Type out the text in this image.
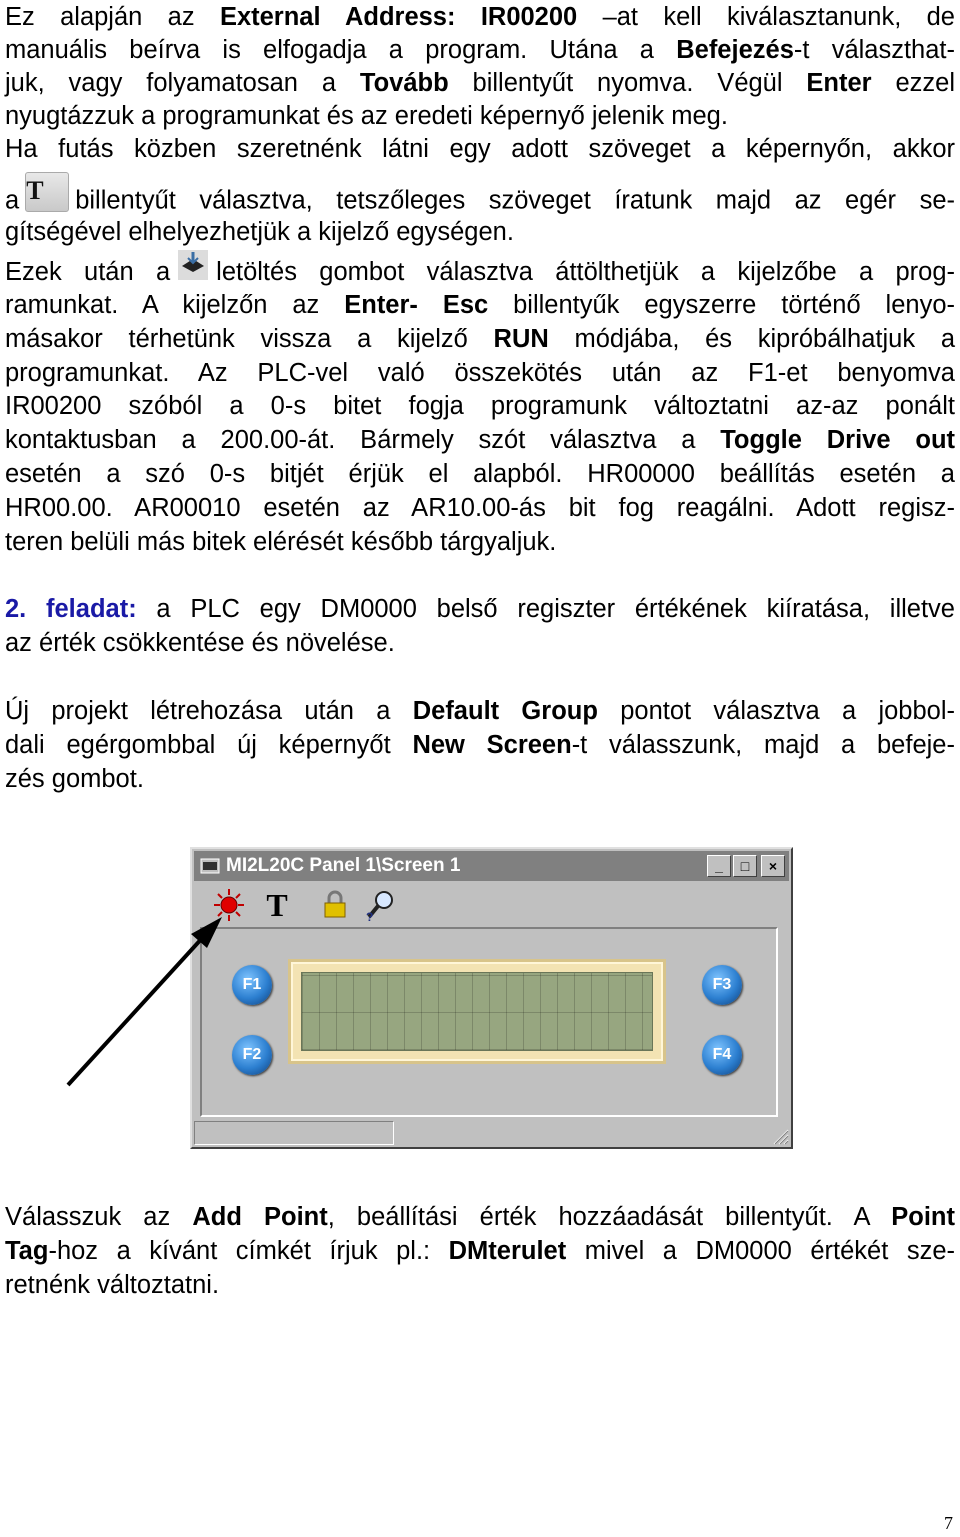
Ez alapján az External Address: IR00200 –at kell kiválasztanunk, de
manuális beírva is elfogadja a program. Utána a Befejezés-t választhat-
juk, vagy folyamatosan a Tovább billentyűt nyomva. Végül Enter ezzel
nyugtázzuk a programunkat és az eredeti képernyő jelenik meg.
Ha futás közben szeretnénk látni egy adott szöveget a képernyőn, akkor
a T billentyűt választva, tetszőleges szöveget íratunk majd az egér se-
gítségével elhelyezhetjük a kijelző egységen.
Ezek után a letöltés gombot választva áttölthetjük a kijelzőbe a prog-
ramunkat. A kijelzőn az Enter- Esc billentyűk egyszerre történő lenyo-
másakor térhetünk vissza a kijelző RUN módjába, és kipróbálhatjuk a
programunkat. Az PLC-vel való összekötés után az F1-et benyomva
IR00200 szóból a 0-s bitet fogja programunk változtatni az-az ponált
kontaktusban a 200.00-át. Bármely szót választva a Toggle Drive out
esetén a szó 0-s bitjét érjük el alapból. HR00000 beállítás esetén a
HR00.00. AR00010 esetén az AR10.00-ás bit fog reagálni. Adott regisz-
teren belüli más bitek elérését később tárgyaljuk.
2. feladat: a PLC egy DM0000 belső regiszter értékének kiíratása, illetve
az érték csökkentése és növelése.
Új projekt létrehozása után a Default Group pontot választva a jobbol-
dali egérgombbal új képernyőt New Screen-t válasszunk, majd a befeje-
zés gombot.
MI2L20C Panel 1\Screen 1	_	□	×
T	?
F1
F2
F3
F4
Válasszuk az Add Point, beállítási érték hozzáadását billentyűt. A Point
Tag-hoz a kívánt címkét írjuk pl.: DMterulet mivel a DM0000 értékét sze-
retnénk változtatni.
7
